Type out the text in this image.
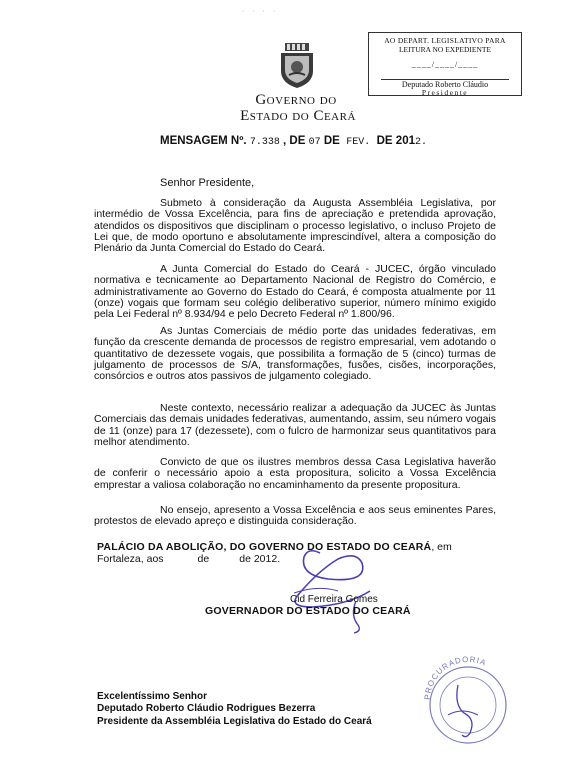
· · · ·
AO DEPART. LEGISLATIVO PARA
LEITURA NO EXPEDIENTE
____/____/____
Deputado Roberto Cláudio
Presidente
GOVERNO DO
ESTADO DO CEARÁ
MENSAGEM Nº. 7.338 , DE 07 DE FEV. DE 2012.
Senhor Presidente,

Submeto à consideração da Augusta Assembléia Legislativa, por intermédio de Vossa Excelência, para fins de apreciação e pretendida aprovação, atendidos os dispositivos que disciplinam o processo legislativo, o incluso Projeto de Lei que, de modo oportuno e absolutamente imprescindível, altera a composição do Plenário da Junta Comercial do Estado do Ceará.

A Junta Comercial do Estado do Ceará - JUCEC, órgão vinculado normativa e tecnicamente ao Departamento Nacional de Registro do Comércio, e administrativamente ao Governo do Estado do Ceará, é composta atualmente por 11 (onze) vogais que formam seu colégio deliberativo superior, número mínimo exigido pela Lei Federal nº 8.934/94 e pelo Decreto Federal nº 1.800/96.

As Juntas Comerciais de médio porte das unidades federativas, em função da crescente demanda de processos de registro empresarial, vem adotando o quantitativo de dezessete vogais, que possibilita a formação de 5 (cinco) turmas de julgamento de processos de S/A, transformações, fusões, cisões, incorporações, consórcios e outros atos passivos de julgamento colegiado.

Neste contexto, necessário realizar a adequação da JUCEC às Juntas Comerciais das demais unidades federativas, aumentando, assim, seu número vogais de 11 (onze) para 17 (dezessete), com o fulcro de harmonizar seus quantitativos para melhor atendimento.

Convicto de que os ilustres membros dessa Casa Legislativa haverão de conferir o necessário apoio a esta propositura, solicito a Vossa Excelência emprestar a valiosa colaboração no encaminhamento da presente propositura.

No ensejo, apresento a Vossa Excelência e aos seus eminentes Pares, protestos de elevado apreço e distinguida consideração.

PALÁCIO DA ABOLIÇÃO, DO GOVERNO DO ESTADO DO CEARÁ, em
Fortaleza, aos	de	de 2012.
Cid Ferreira Gomes
GOVERNADOR DO ESTADO DO CEARÁ
PROCURADORIA
Excelentíssimo Senhor
Deputado Roberto Cláudio Rodrigues Bezerra
Presidente da Assembléia Legislativa do Estado do Ceará
